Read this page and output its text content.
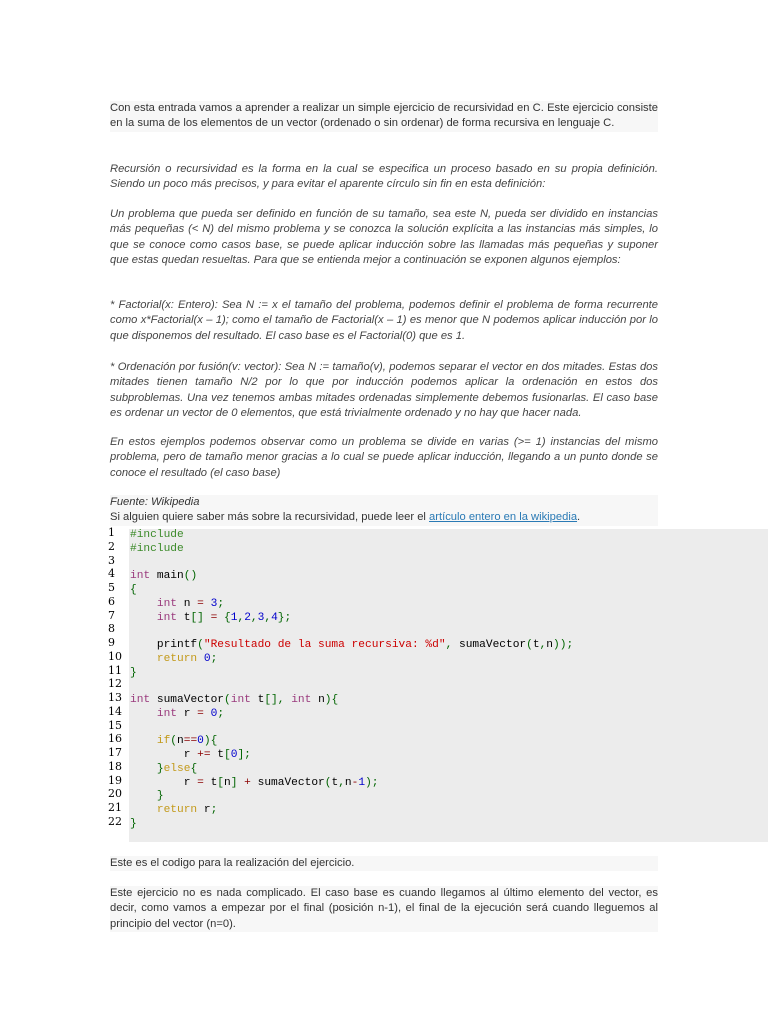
Con esta entrada vamos a aprender a realizar un simple ejercicio de recursividad en C. Este ejercicio consiste en la suma de los elementos de un vector (ordenado o sin ordenar) de forma recursiva en lenguaje C.

Recursión o recursividad es la forma en la cual se especifica un proceso basado en su propia definición. Siendo un poco más precisos, y para evitar el aparente círculo sin fin en esta definición:

Un problema que pueda ser definido en función de su tamaño, sea este N, pueda ser dividido en instancias más pequeñas (< N) del mismo problema y se conozca la solución explícita a las instancias más simples, lo que se conoce como casos base, se puede aplicar inducción sobre las llamadas más pequeñas y suponer que estas quedan resueltas. Para que se entienda mejor a continuación se exponen algunos ejemplos:

* Factorial(x: Entero): Sea N := x el tamaño del problema, podemos definir el problema de forma recurrente como x*Factorial(x – 1); como el tamaño de Factorial(x – 1) es menor que N podemos aplicar inducción por lo que disponemos del resultado. El caso base es el Factorial(0) que es 1.

* Ordenación por fusión(v: vector): Sea N := tamaño(v), podemos separar el vector en dos mitades. Estas dos mitades tienen tamaño N/2 por lo que por inducción podemos aplicar la ordenación en estos dos subproblemas. Una vez tenemos ambas mitades ordenadas simplemente debemos fusionarlas. El caso base es ordenar un vector de 0 elementos, que está trivialmente ordenado y no hay que hacer nada.

En estos ejemplos podemos observar como un problema se divide en varias (>= 1) instancias del mismo problema, pero de tamaño menor gracias a lo cual se puede aplicar inducción, llegando a un punto donde se conoce el resultado (el caso base)

Fuente: Wikipedia
Si alguien quiere saber más sobre la recursividad, puede leer el artículo entero en la wikipedia.
1
2
3
4
5
6
7
8
9
10
11
12
13
14
15
16
17
18
19
20
21
22
#include
#include

int main()
{
int n = 3;
int t[] = {1,2,3,4};

printf("Resultado de la suma recursiva: %d", sumaVector(t,n));
return 0;
}

int sumaVector(int t[], int n){
int r = 0;

if(n==0){
r += t[0];
}else{
r = t[n] + sumaVector(t,n-1);
}
return r;
}

Este es el codigo para la realización del ejercicio.

Este ejercicio no es nada complicado. El caso base es cuando llegamos al último elemento del vector, es decir, como vamos a empezar por el final (posición n-1), el final de la ejecución será cuando lleguemos al principio del vector (n=0).
